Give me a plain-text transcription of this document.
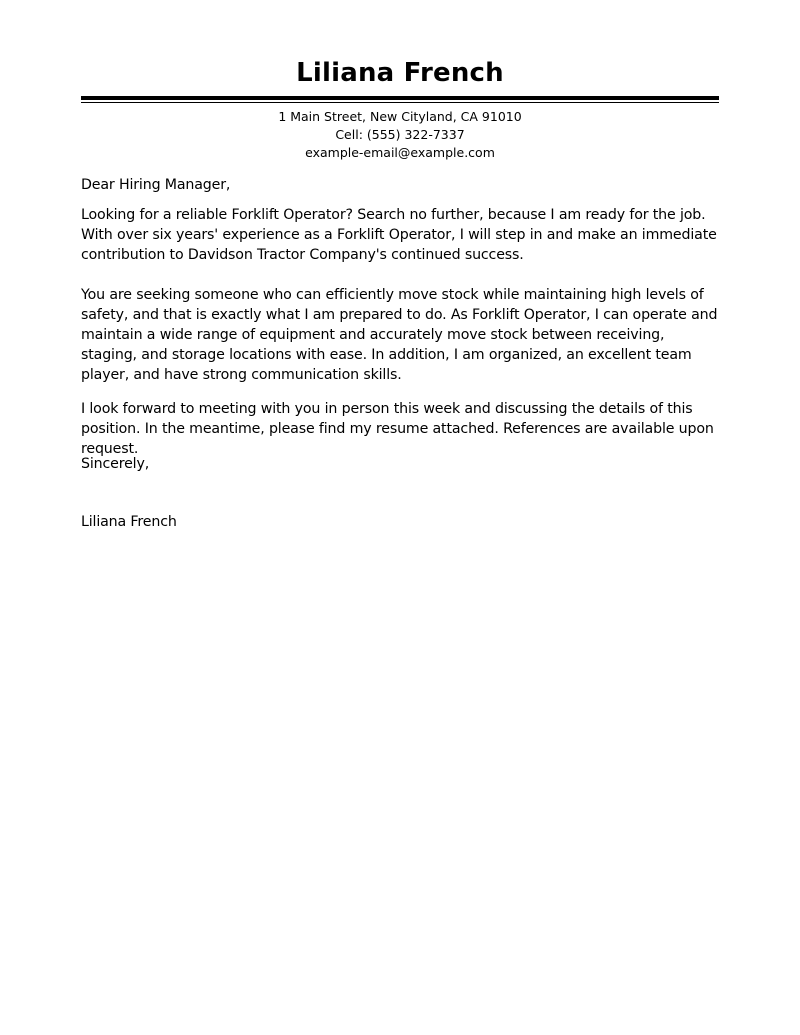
Liliana French
1 Main Street, New Cityland, CA 91010
Cell: (555) 322-7337
example-email@example.com
Dear Hiring Manager,
Looking for a reliable Forklift Operator? Search no further, because I am ready for the job. With over six years' experience as a Forklift Operator, I will step in and make an immediate contribution to Davidson Tractor Company's continued success.
You are seeking someone who can efficiently move stock while maintaining high levels of safety, and that is exactly what I am prepared to do. As Forklift Operator, I can operate and maintain a wide range of equipment and accurately move stock between receiving, staging, and storage locations with ease. In addition, I am organized, an excellent team player, and have strong communication skills.
I look forward to meeting with you in person this week and discussing the details of this position. In the meantime, please find my resume attached. References are available upon request.
Sincerely,
Liliana French
